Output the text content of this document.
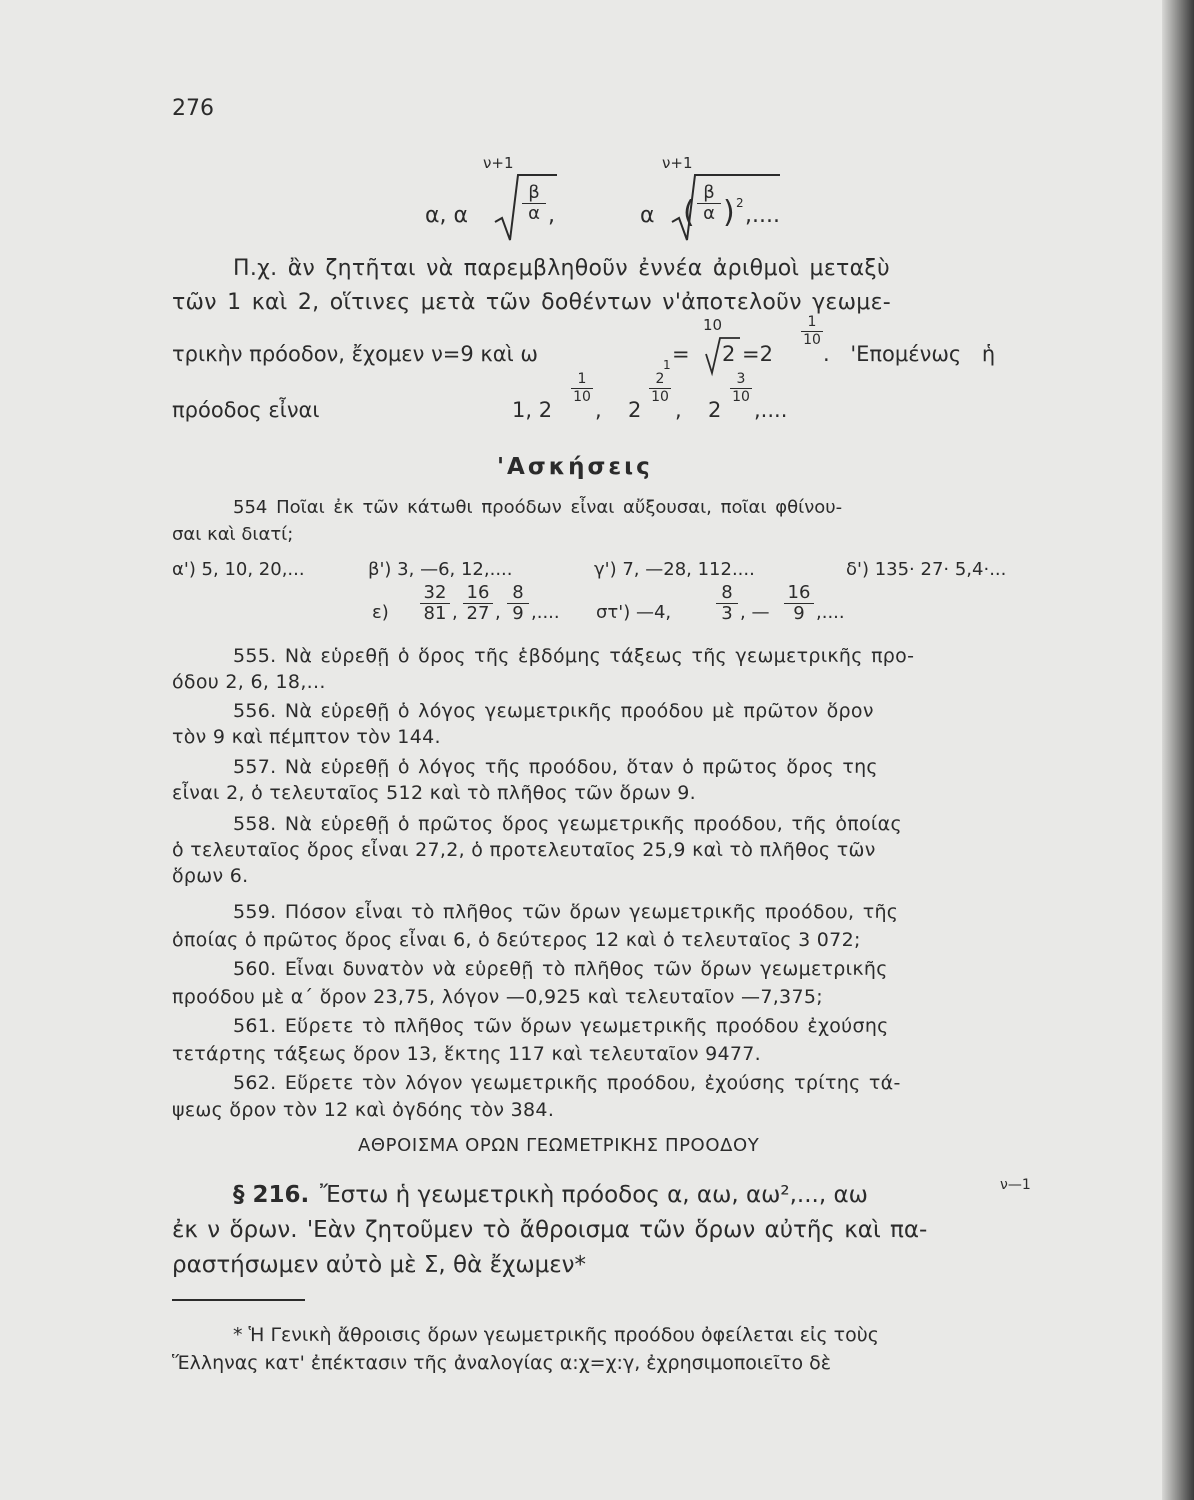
276
ν+1	ν+1
α, α	$\frac{\beta}{\alpha}$ ,	α ( $\frac{\beta}{\alpha}$ ) 2 ,....
Π.χ. ἂν ζητῆται νὰ παρεμβληθοῦν ἐννέα ἀριθμοὶ μεταξὺ
τῶν 1 καὶ 2, οἵτινες μετὰ τῶν δοθέντων ν'ἀποτελοῦν γεωμε-
τρικὴν πρόοδον, ἔχομεν ν=9 καὶ ω	1 =
10
2 =2
$\frac{1}{10}$
. 'Επομένως ἡ
πρόοδος εἶναι	1, 2
$\frac{1}{10}$
, 2
$\frac{2}{10}$
, 2
$\frac{3}{10}$
,....
'Ασκήσεις
554 Ποῖαι ἐκ τῶν κάτωθι προόδων εἶναι αὔξουσαι, ποῖαι φθίνου-
σαι καὶ διατί;
α') 5, 10, 20,...	β') 3, —6, 12,....	γ') 7, —28, 112....	δ') 135· 27· 5,4·...
$\varepsilon) \frac{32}{81}$ , $\frac{16}{27}$ , $\frac{8}{9}$ ,.... στ') —4, $\frac{8}{3}$ , — $\frac{16}{9}$ ,....
555. Νὰ εὑρεθῇ ὁ ὅρος τῆς ἑβδόμης τάξεως τῆς γεωμετρικῆς προ-
όδου 2, 6, 18,...
556. Νὰ εὑρεθῇ ὁ λόγος γεωμετρικῆς προόδου μὲ πρῶτον ὅρον
τὸν 9 καὶ πέμπτον τὸν 144.
557. Νὰ εὑρεθῇ ὁ λόγος τῆς προόδου, ὅταν ὁ πρῶτος ὅρος της
εἶναι 2, ὁ τελευταῖος 512 καὶ τὸ πλῆθος τῶν ὅρων 9.
558. Νὰ εὑρεθῇ ὁ πρῶτος ὅρος γεωμετρικῆς προόδου, τῆς ὁποίας
ὁ τελευταῖος ὅρος εἶναι 27,2, ὁ προτελευταῖος 25,9 καὶ τὸ πλῆθος τῶν
ὅρων 6.
559. Πόσον εἶναι τὸ πλῆθος τῶν ὅρων γεωμετρικῆς προόδου, τῆς
ὁποίας ὁ πρῶτος ὅρος εἶναι 6, ὁ δεύτερος 12 καὶ ὁ τελευταῖος 3 072;
560. Εἶναι δυνατὸν νὰ εὑρεθῇ τὸ πλῆθος τῶν ὅρων γεωμετρικῆς
προόδου μὲ α΄ ὅρον 23,75, λόγον —0,925 καὶ τελευταῖον —7,375;
561. Εὕρετε τὸ πλῆθος τῶν ὅρων γεωμετρικῆς προόδου ἐχούσης
τετάρτης τάξεως ὅρον 13, ἕκτης 117 καὶ τελευταῖον 9477.
562. Εὕρετε τὸν λόγον γεωμετρικῆς προόδου, ἐχούσης τρίτης τά-
ψεως ὅρον τὸν 12 καὶ ὀγδόης τὸν 384.
ΑΘΡΟΙΣΜΑ ΟΡΩΝ ΓΕΩΜΕΤΡΙΚΗΣ ΠΡΟΟΔΟΥ
§ 216. Ἔστω ἡ γεωμετρικὴ πρόοδος α, αω, αω²,..., αω	ν—1
ἐκ ν ὅρων. 'Εὰν ζητοῦμεν τὸ ἄθροισμα τῶν ὅρων αὐτῆς καὶ πα-
ραστήσωμεν αὐτὸ μὲ Σ, θὰ ἔχωμεν*
* Ἡ Γενικὴ ἄθροισις ὅρων γεωμετρικῆς προόδου ὀφείλεται εἰς τοὺς
Ἕλληνας κατ' ἐπέκτασιν τῆς ἀναλογίας α:χ=χ:γ, ἐχρησιμοποιεῖτο δὲ
